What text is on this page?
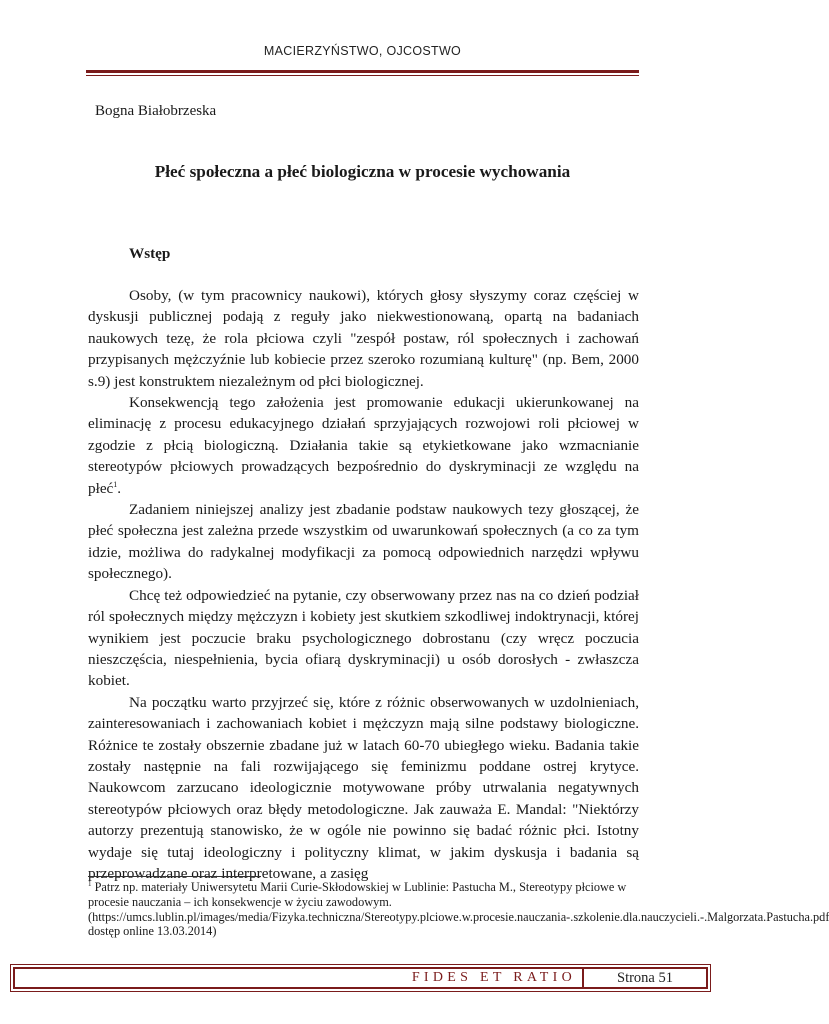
MACIERZYŃSTWO, OJCOSTWO
Bogna Białobrzeska
Płeć społeczna a płeć biologiczna w procesie wychowania
Wstęp

Osoby, (w tym pracownicy naukowi), których głosy słyszymy coraz częściej w dyskusji publicznej podają z reguły jako niekwestionowaną, opartą na badaniach naukowych tezę, że rola płciowa czyli "zespół postaw, ról społecznych i zachowań przypisanych mężczyźnie lub kobiecie przez szeroko rozumianą kulturę" (np. Bem, 2000 s.9) jest konstruktem niezależnym od płci biologicznej.

Konsekwencją tego założenia jest promowanie edukacji ukierunkowanej na eliminację z procesu edukacyjnego działań sprzyjających rozwojowi roli płciowej w zgodzie z płcią biologiczną. Działania takie są etykietkowane jako wzmacnianie stereotypów płciowych prowadzących bezpośrednio do dyskryminacji ze względu na płeć$^1$.

Zadaniem niniejszej analizy jest zbadanie podstaw naukowych tezy głoszącej, że płeć społeczna jest zależna przede wszystkim od uwarunkowań społecznych (a co za tym idzie, możliwa do radykalnej modyfikacji za pomocą odpowiednich narzędzi wpływu społecznego).

Chcę też odpowiedzieć na pytanie, czy obserwowany przez nas na co dzień podział ról społecznych między mężczyzn i kobiety jest skutkiem szkodliwej indoktrynacji, której wynikiem jest poczucie braku psychologicznego dobrostanu (czy wręcz poczucia nieszczęścia, niespełnienia, bycia ofiarą dyskryminacji) u osób dorosłych - zwłaszcza kobiet.

Na początku warto przyjrzeć się, które z różnic obserwowanych w uzdolnieniach, zainteresowaniach i zachowaniach kobiet i mężczyzn mają silne podstawy biologiczne. Różnice te zostały obszernie zbadane już w latach 60-70 ubiegłego wieku. Badania takie zostały następnie na fali rozwijającego się feminizmu poddane ostrej krytyce. Naukowcom zarzucano ideologicznie motywowane próby utrwalania negatywnych stereotypów płciowych oraz błędy metodologiczne. Jak zauważa E. Mandal: "Niektórzy autorzy prezentują stanowisko, że w ogóle nie powinno się badać różnic płci. Istotny wydaje się tutaj ideologiczny i polityczny klimat, w jakim dyskusja i badania są przeprowadzane oraz interpretowane, a zasięg

$^1$ Patrz np. materiały Uniwersytetu Marii Curie-Skłodowskiej w Lublinie: Pastucha M., Stereotypy płciowe w procesie nauczania – ich konsekwencje w życiu zawodowym.

(https://umcs.lublin.pl/images/media/Fizyka.techniczna/Stereotypy.plciowe.w.procesie.nauczania-.szkolenie.dla.nauczycieli.-.Malgorzata.Pastucha.pdf dostęp online 13.03.2014)

FIDES ET RATIO	Strona 51
